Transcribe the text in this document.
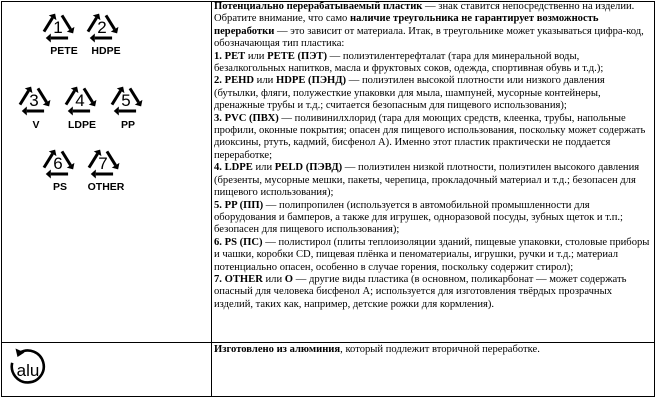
1
PETE
2
HDPE
3
V
4
LDPE
5
PP
6
PS
7
OTHER
alu

Потенциально перерабатываемый пластик — знак ставится непосредственно на изделии. Обратите внимание, что само наличие треугольника не гарантирует возможность переработки — это зависит от материала. Итак, в треугольнике может указываться цифра-код, обозначающая тип пластика:

1. PET или PETE (ПЭТ) — полиэтилентерефталат (тара для минеральной воды, безалкогольных напитков, масла и фруктовых соков, одежда, спортивная обувь и т.д.);

2. PEHD или HDPE (ПЭНД) — полиэтилен высокой плотности или низкого давления (бутылки, фляги, полужесткие упаковки для мыла, шампуней, мусорные контейнеры, дренажные трубы и т.д.; считается безопасным для пищевого использования);

3. PVC (ПВХ) — поливинилхлорид (тара для моющих средств, клеенка, трубы, напольные профили, оконные покрытия; опасен для пищевого использования, поскольку может содержать диоксины, ртуть, кадмий, бисфенол А). Именно этот пластик практически не поддается переработке;

4. LDPE или PELD (ПЭВД) — полиэтилен низкой плотности, полиэтилен высокого давления (брезенты, мусорные мешки, пакеты, черепица, прокладочный материал и т.д.; безопасен для пищевого использования);

5. PP (ПП) — полипропилен (используется в автомобильной промышленности для оборудования и бамперов, а также для игрушек, одноразовой посуды, зубных щеток и т.п.; безопасен для пищевого использования);

6. PS (ПС) — полистирол (плиты теплоизоляции зданий, пищевые упаковки, столовые приборы и чашки, коробки CD, пищевая плёнка и пеноматериалы, игрушки, ручки и т.д.; материал потенциально опасен, особенно в случае горения, поскольку содержит стирол);

7. OTHER или O — другие виды пластика (в основном, поликарбонат — может содержать опасный для человека бисфенол А; используется для изготовления твёрдых прозрачных изделий, таких как, например, детские рожки для кормления).

Изготовлено из алюминия, который подлежит вторичной переработке.
